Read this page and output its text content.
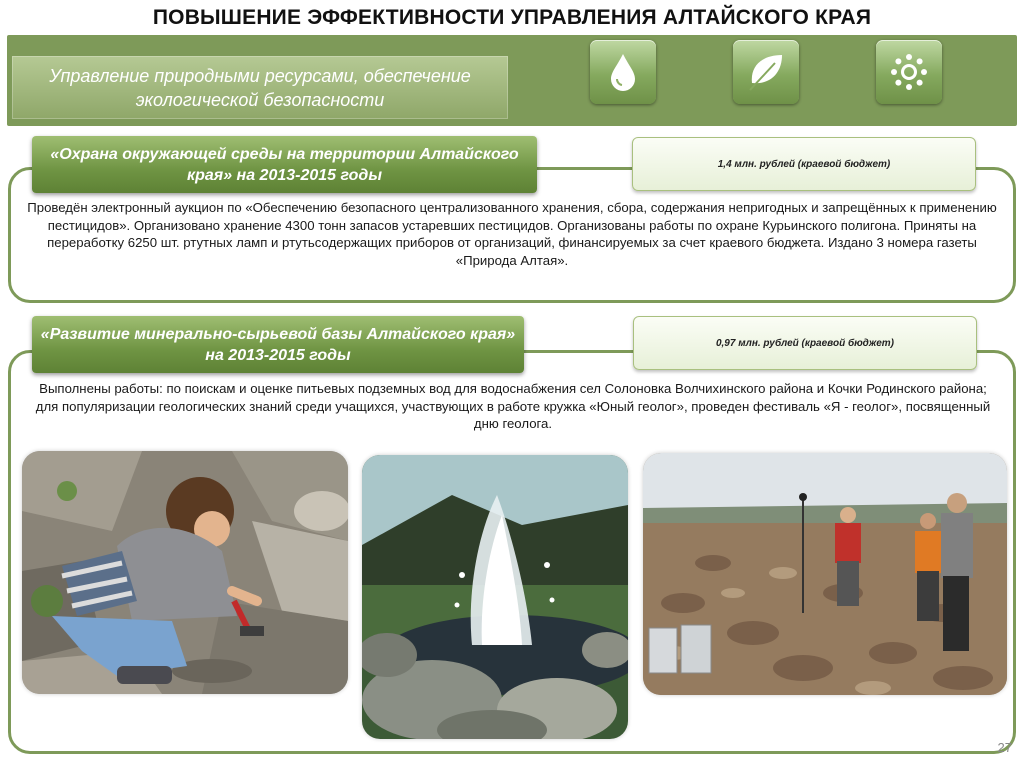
ПОВЫШЕНИЕ ЭФФЕКТИВНОСТИ УПРАВЛЕНИЯ АЛТАЙСКОГО КРАЯ
Управление природными ресурсами, обеспечение экологической безопасности
«Охрана окружающей среды на территории Алтайского края» на 2013-2015 годы
1,4 млн. рублей (краевой бюджет)
Проведён электронный аукцион по «Обеспечению безопасного централизованного хранения, сбора, содержания непригодных и запрещённых к применению пестицидов». Организовано хранение 4300 тонн запасов устаревших пестицидов. Организованы работы по охране Курьинского полигона. Приняты на переработку 6250 шт. ртутных ламп и ртутьсодержащих приборов от организаций, финансируемых за счет краевого бюджета. Издано 3 номера газеты «Природа Алтая».
«Развитие минерально-сырьевой базы Алтайского края» на 2013-2015 годы
0,97 млн. рублей (краевой бюджет)
Выполнены работы: по поискам и оценке питьевых подземных вод для водоснабжения сел Солоновка Волчихинского района и Кочки Родинского района; для популяризации геологических знаний среди учащихся, участвующих в работе кружка «Юный геолог», проведен фестиваль «Я - геолог», посвященный дню геолога.
27
